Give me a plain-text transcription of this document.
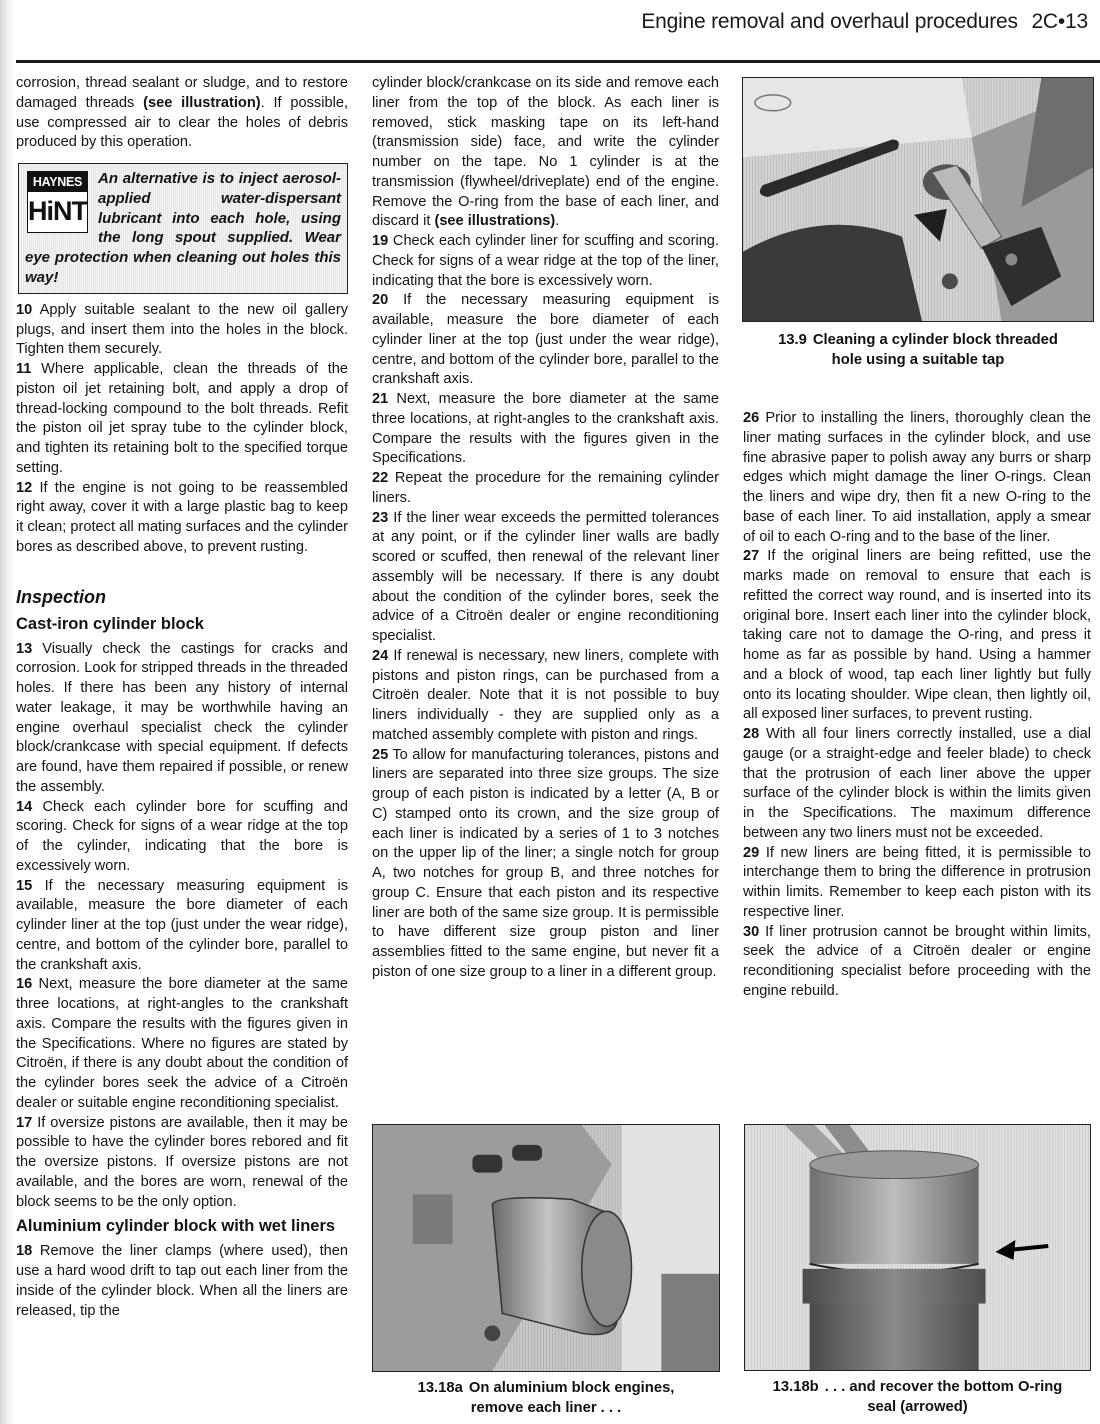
Engine removal and overhaul procedures 2C•13

corrosion, thread sealant or sludge, and to restore damaged threads (see illustration). If possible, use compressed air to clear the holes of debris produced by this operation.

HAYNES
HiNT
An alternative is to inject aerosol-applied water-dispersant lubricant into each hole, using the long spout supplied. Wear eye protection when cleaning out holes this way!

10 Apply suitable sealant to the new oil gallery plugs, and insert them into the holes in the block. Tighten them securely.

11 Where applicable, clean the threads of the piston oil jet retaining bolt, and apply a drop of thread-locking compound to the bolt threads. Refit the piston oil jet spray tube to the cylinder block, and tighten its retaining bolt to the specified torque setting.

12 If the engine is not going to be reassembled right away, cover it with a large plastic bag to keep it clean; protect all mating surfaces and the cylinder bores as described above, to prevent rusting.

Inspection
Cast-iron cylinder block

13 Visually check the castings for cracks and corrosion. Look for stripped threads in the threaded holes. If there has been any history of internal water leakage, it may be worthwhile having an engine overhaul specialist check the cylinder block/crankcase with special equipment. If defects are found, have them repaired if possible, or renew the assembly.

14 Check each cylinder bore for scuffing and scoring. Check for signs of a wear ridge at the top of the cylinder, indicating that the bore is excessively worn.

15 If the necessary measuring equipment is available, measure the bore diameter of each cylinder liner at the top (just under the wear ridge), centre, and bottom of the cylinder bore, parallel to the crankshaft axis.

16 Next, measure the bore diameter at the same three locations, at right-angles to the crankshaft axis. Compare the results with the figures given in the Specifications. Where no figures are stated by Citroën, if there is any doubt about the condition of the cylinder bores seek the advice of a Citroën dealer or suitable engine reconditioning specialist.

17 If oversize pistons are available, then it may be possible to have the cylinder bores rebored and fit the oversize pistons. If oversize pistons are not available, and the bores are worn, renewal of the block seems to be the only option.

Aluminium cylinder block with wet liners

18 Remove the liner clamps (where used), then use a hard wood drift to tap out each liner from the inside of the cylinder block. When all the liners are released, tip the

cylinder block/crankcase on its side and remove each liner from the top of the block. As each liner is removed, stick masking tape on its left-hand (transmission side) face, and write the cylinder number on the tape. No 1 cylinder is at the transmission (flywheel/driveplate) end of the engine. Remove the O-ring from the base of each liner, and discard it (see illustrations).

19 Check each cylinder liner for scuffing and scoring. Check for signs of a wear ridge at the top of the liner, indicating that the bore is excessively worn.

20 If the necessary measuring equipment is available, measure the bore diameter of each cylinder liner at the top (just under the wear ridge), centre, and bottom of the cylinder bore, parallel to the crankshaft axis.

21 Next, measure the bore diameter at the same three locations, at right-angles to the crankshaft axis. Compare the results with the figures given in the Specifications.

22 Repeat the procedure for the remaining cylinder liners.

23 If the liner wear exceeds the permitted tolerances at any point, or if the cylinder liner walls are badly scored or scuffed, then renewal of the relevant liner assembly will be necessary. If there is any doubt about the condition of the cylinder bores, seek the advice of a Citroën dealer or engine reconditioning specialist.

24 If renewal is necessary, new liners, complete with pistons and piston rings, can be purchased from a Citroën dealer. Note that it is not possible to buy liners individually - they are supplied only as a matched assembly complete with piston and rings.

25 To allow for manufacturing tolerances, pistons and liners are separated into three size groups. The size group of each piston is indicated by a letter (A, B or C) stamped onto its crown, and the size group of each liner is indicated by a series of 1 to 3 notches on the upper lip of the liner; a single notch for group A, two notches for group B, and three notches for group C. Ensure that each piston and its respective liner are both of the same size group. It is permissible to have different size group piston and liner assemblies fitted to the same engine, but never fit a piston of one size group to a liner in a different group.

13.9 Cleaning a cylinder block threaded
hole using a suitable tap

26 Prior to installing the liners, thoroughly clean the liner mating surfaces in the cylinder block, and use fine abrasive paper to polish away any burrs or sharp edges which might damage the liner O-rings. Clean the liners and wipe dry, then fit a new O-ring to the base of each liner. To aid installation, apply a smear of oil to each O-ring and to the base of the liner.

27 If the original liners are being refitted, use the marks made on removal to ensure that each is refitted the correct way round, and is inserted into its original bore. Insert each liner into the cylinder block, taking care not to damage the O-ring, and press it home as far as possible by hand. Using a hammer and a block of wood, tap each liner lightly but fully onto its locating shoulder. Wipe clean, then lightly oil, all exposed liner surfaces, to prevent rusting.

28 With all four liners correctly installed, use a dial gauge (or a straight-edge and feeler blade) to check that the protrusion of each liner above the upper surface of the cylinder block is within the limits given in the Specifications. The maximum difference between any two liners must not be exceeded.

29 If new liners are being fitted, it is permissible to interchange them to bring the difference in protrusion within limits. Remember to keep each piston with its respective liner.

30 If liner protrusion cannot be brought within limits, seek the advice of a Citroën dealer or engine reconditioning specialist before proceeding with the engine rebuild.

13.18a On aluminium block engines,
remove each liner . . .
13.18b . . . and recover the bottom O-ring
seal (arrowed)
